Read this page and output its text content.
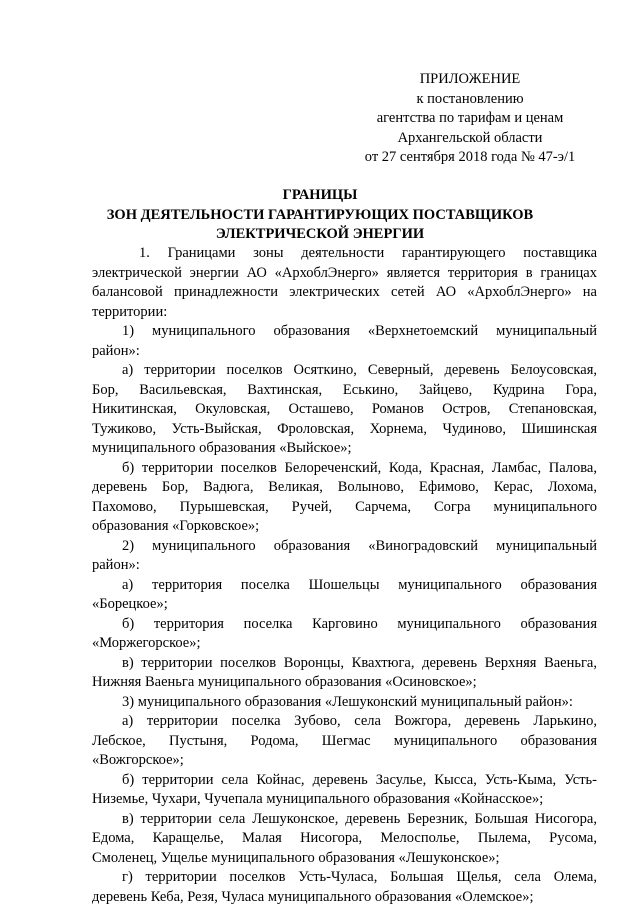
ПРИЛОЖЕНИЕ
к постановлению
агентства по тарифам и ценам
Архангельской области
от 27 сентября 2018 года № 47-э/1
ГРАНИЦЫ
ЗОН ДЕЯТЕЛЬНОСТИ ГАРАНТИРУЮЩИХ ПОСТАВЩИКОВ
ЭЛЕКТРИЧЕСКОЙ ЭНЕРГИИ
1. Границами зоны деятельности гарантирующего поставщика
электрической энергии АО «АрхоблЭнерго» является территория в границах
балансовой принадлежности электрических сетей АО «АрхоблЭнерго» на
территории:
1) муниципального образования «Верхнетоемский муниципальный
район»:
а) территории поселков Осяткино, Северный, деревень Белоусовская,
Бор, Васильевская, Вахтинская, Еськино, Зайцево, Кудрина Гора,
Никитинская, Окуловская, Осташево, Романов Остров, Степановская,
Тужиково, Усть-Выйская, Фроловская, Хорнема, Чудиново, Шишинская
муниципального образования «Выйское»;
б) территории поселков Белореченский, Кода, Красная, Ламбас, Палова,
деревень Бор, Вадюга, Великая, Волыново, Ефимово, Керас, Лохома,
Пахомово, Пурышевская, Ручей, Сарчема, Согра муниципального
образования «Горковское»;
2) муниципального образования «Виноградовский муниципальный
район»:
а) территория поселка Шошельцы муниципального образования
«Борецкое»;
б) территория поселка Карговино муниципального образования
«Моржегорское»;
в) территории поселков Воронцы, Квахтюга, деревень Верхняя Ваеньга,
Нижняя Ваеньга муниципального образования «Осиновское»;
3) муниципального образования «Лешуконский муниципальный район»:
а) территории поселка Зубово, села Вожгора, деревень Ларькино,
Лебское, Пустыня, Родома, Шегмас муниципального образования
«Вожгорское»;
б) территории села Койнас, деревень Засулье, Кысса, Усть-Кыма, Усть-
Низемье, Чухари, Чучепала муниципального образования «Койнасское»;
в) территории села Лешуконское, деревень Березник, Большая Нисогора,
Едома, Каращелье, Малая Нисогора, Мелосполье, Пылема, Русома,
Смоленец, Ущелье муниципального образования «Лешуконское»;
г) территории поселков Усть-Чуласа, Большая Щелья, села Олема,
деревень Кеба, Резя, Чуласа муниципального образования «Олемское»;
